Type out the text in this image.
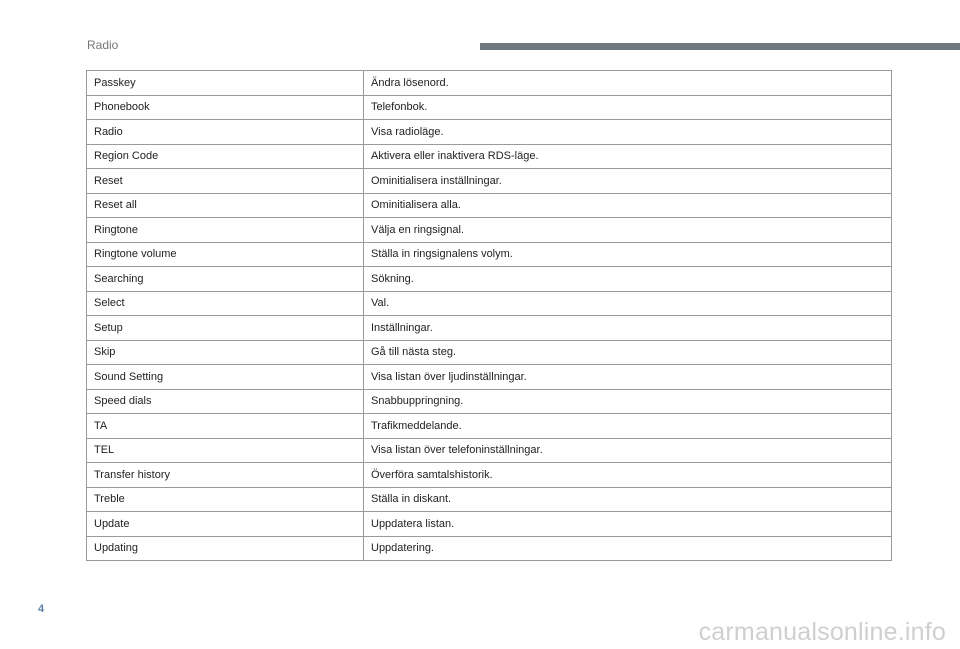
Radio
Passkey	Ändra lösenord.
Phonebook	Telefonbok.
Radio	Visa radioläge.
Region Code	Aktivera eller inaktivera RDS-läge.
Reset	Ominitialisera inställningar.
Reset all	Ominitialisera alla.
Ringtone	Välja en ringsignal.
Ringtone volume	Ställa in ringsignalens volym.
Searching	Sökning.
Select	Val.
Setup	Inställningar.
Skip	Gå till nästa steg.
Sound Setting	Visa listan över ljudinställningar.
Speed dials	Snabbuppringning.
TA	Trafikmeddelande.
TEL	Visa listan över telefoninställningar.
Transfer history	Överföra samtalshistorik.
Treble	Ställa in diskant.
Update	Uppdatera listan.
Updating	Uppdatering.
4
carmanualsonline.info
